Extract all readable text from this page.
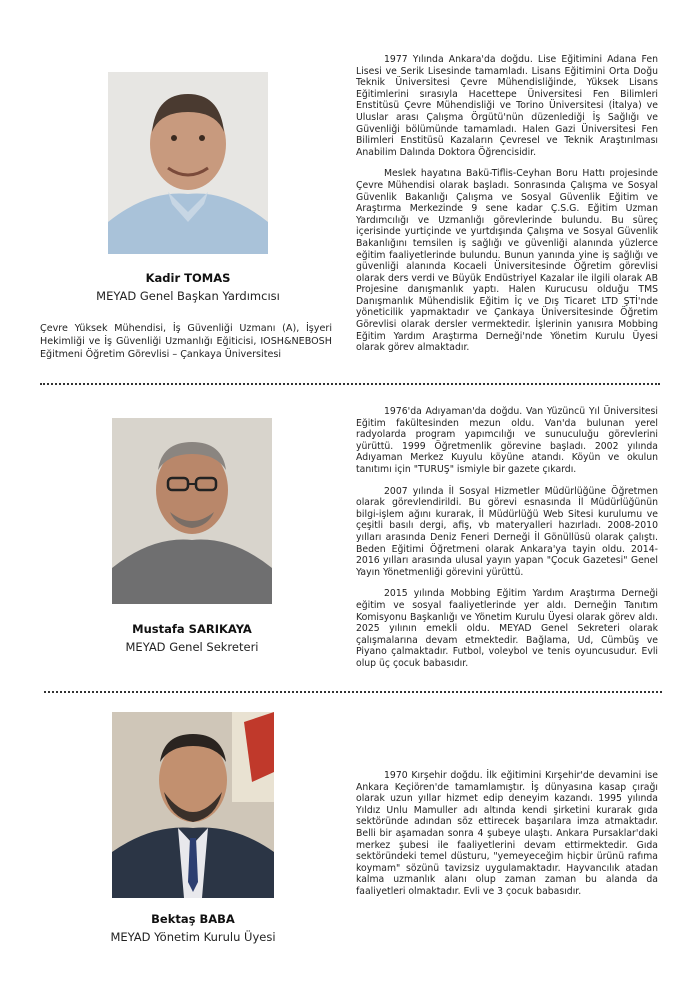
Kadir TOMAS
MEYAD Genel Başkan Yardımcısı
Çevre Yüksek Mühendisi, İş Güvenliği Uzmanı (A), İşyeri Hekimliği ve İş Güvenliği Uzmanlığı Eğiticisi, IOSH&NEBOSH Eğitmeni Öğretim Görevlisi – Çankaya Üniversitesi

1977 Yılında Ankara'da doğdu. Lise Eğitimini Adana Fen Lisesi ve Serik Lisesinde tamamladı. Lisans Eğitimini Orta Doğu Teknik Üniversitesi Çevre Mühendisliğinde, Yüksek Lisans Eğitimlerini sırasıyla Hacettepe Üniversitesi Fen Bilimleri Enstitüsü Çevre Mühendisliği ve Torino Üniversitesi (İtalya) ve Uluslar arası Çalışma Örgütü'nün düzenlediği İş Sağlığı ve Güvenliği bölümünde tamamladı. Halen Gazi Üniversitesi Fen Bilimleri Enstitüsü Kazaların Çevresel ve Teknik Araştırılması Anabilim Dalında Doktora Öğrencisidir.

Meslek hayatına Bakü-Tiflis-Ceyhan Boru Hattı projesinde Çevre Mühendisi olarak başladı. Sonrasında Çalışma ve Sosyal Güvenlik Bakanlığı Çalışma ve Sosyal Güvenlik Eğitim ve Araştırma Merkezinde 9 sene kadar Ç.S.G. Eğitim Uzman Yardımcılığı ve Uzmanlığı görevlerinde bulundu. Bu süreç içerisinde yurtiçinde ve yurtdışında Çalışma ve Sosyal Güvenlik Bakanlığını temsilen iş sağlığı ve güvenliği alanında yüzlerce eğitim faaliyetlerinde bulundu. Bunun yanında yine iş sağlığı ve güvenliği alanında Kocaeli Üniversitesinde Öğretim görevlisi olarak ders verdi ve Büyük Endüstriyel Kazalar ile ilgili olarak AB Projesine danışmanlık yaptı. Halen Kurucusu olduğu TMS Danışmanlık Mühendislik Eğitim İç ve Dış Ticaret LTD ŞTİ'nde yöneticilik yapmaktadır ve Çankaya Üniversitesinde Öğretim Görevlisi olarak dersler vermektedir. İşlerinin yanısıra Mobbing Eğitim Yardım Araştırma Derneği'nde Yönetim Kurulu Üyesi olarak görev almaktadır.

Mustafa SARIKAYA
MEYAD Genel Sekreteri

1976'da Adıyaman'da doğdu. Van Yüzüncü Yıl Üniversitesi Eğitim fakültesinden mezun oldu. Van'da bulunan yerel radyolarda program yapımcılığı ve sunuculuğu görevlerini yürüttü. 1999 Öğretmenlik görevine başladı. 2002 yılında Adıyaman Merkez Kuyulu köyüne atandı. Köyün ve okulun tanıtımı için "TURUŞ" ismiyle bir gazete çıkardı.

2007 yılında İl Sosyal Hizmetler Müdürlüğüne Öğretmen olarak görevlendirildi. Bu görevi esnasında İl Müdürlüğünün bilgi-işlem ağını kurarak, İl Müdürlüğü Web Sitesi kurulumu ve çeşitli basılı dergi, afiş, vb materyalleri hazırladı. 2008-2010 yılları arasında Deniz Feneri Derneği İl Gönüllüsü olarak çalıştı. Beden Eğitimi Öğretmeni olarak Ankara'ya tayin oldu. 2014-2016 yılları arasında ulusal yayın yapan "Çocuk Gazetesi" Genel Yayın Yönetmenliği görevini yürüttü.

2015 yılında Mobbing Eğitim Yardım Araştırma Derneği eğitim ve sosyal faaliyetlerinde yer aldı. Derneğin Tanıtım Komisyonu Başkanlığı ve Yönetim Kurulu Üyesi olarak görev aldı. 2025 yılının emekli oldu. MEYAD Genel Sekreteri olarak çalışmalarına devam etmektedir. Bağlama, Ud, Cümbüş ve Piyano çalmaktadır. Futbol, voleybol ve tenis oyuncusudur. Evli olup üç çocuk babasıdır.

Bektaş BABA
MEYAD Yönetim Kurulu Üyesi

1970 Kırşehir doğdu. İlk eğitimini Kırşehir'de devamini ise Ankara Keçiören'de tamamlamıştır. İş dünyasına kasap çırağı olarak uzun yıllar hizmet edip deneyim kazandı. 1995 yılında Yıldız Unlu Mamuller adı altında kendi şirketini kurarak gıda sektöründe adından söz ettirecek başarılara imza atmaktadır. Belli bir aşamadan sonra 4 şubeye ulaştı. Ankara Pursaklar'daki merkez şubesi ile faaliyetlerini devam ettirmektedir. Gıda sektöründeki temel düsturu, "yemeyeceğim hiçbir ürünü rafıma koymam" sözünü tavizsiz uygulamaktadır. Hayvancılık atadan kalma uzmanlık alanı olup zaman zaman bu alanda da faaliyetleri olmaktadır. Evli ve 3 çocuk babasıdır.
